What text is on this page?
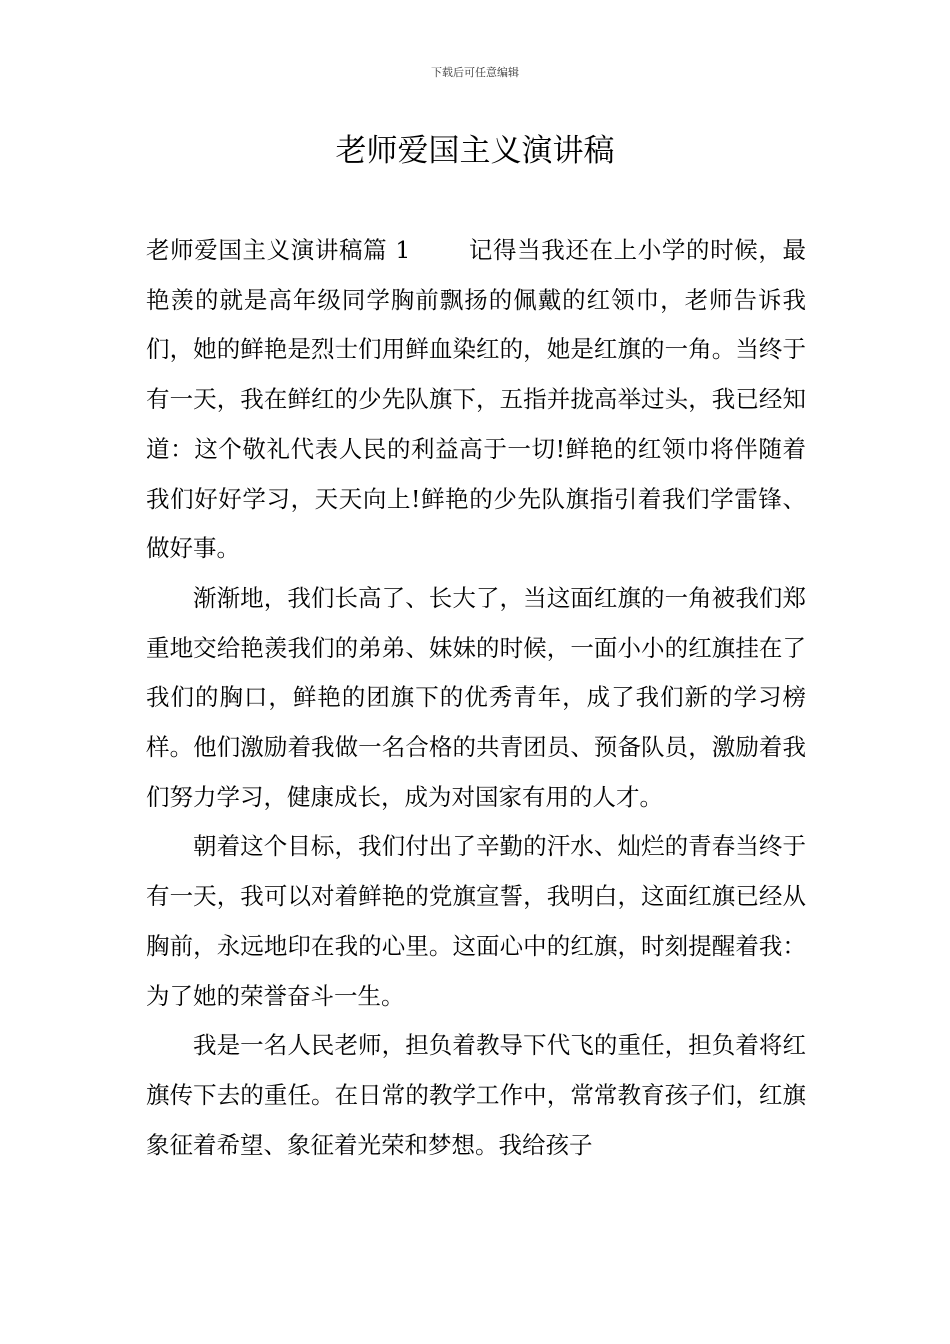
下载后可任意编辑
老师爱国主义演讲稿

老师爱国主义演讲稿篇 1 记得当我还在上小学的时候，最艳羡的就是高年级同学胸前飘扬的佩戴的红领巾，老师告诉我们，她的鲜艳是烈士们用鲜血染红的，她是红旗的一角。当终于有一天，我在鲜红的少先队旗下，五指并拢高举过头，我已经知道：这个敬礼代表人民的利益高于一切!鲜艳的红领巾将伴随着我们好好学习，天天向上!鲜艳的少先队旗指引着我们学雷锋、做好事。

渐渐地，我们长高了、长大了，当这面红旗的一角被我们郑重地交给艳羡我们的弟弟、妹妹的时候，一面小小的红旗挂在了我们的胸口，鲜艳的团旗下的优秀青年，成了我们新的学习榜样。他们激励着我做一名合格的共青团员、预备队员，激励着我们努力学习，健康成长，成为对国家有用的人才。

朝着这个目标，我们付出了辛勤的汗水、灿烂的青春当终于有一天，我可以对着鲜艳的党旗宣誓，我明白，这面红旗已经从胸前，永远地印在我的心里。这面心中的红旗，时刻提醒着我：为了她的荣誉奋斗一生。

我是一名人民老师，担负着教导下代飞的重任，担负着将红旗传下去的重任。在日常的教学工作中，常常教育孩子们，红旗象征着希望、象征着光荣和梦想。我给孩子
